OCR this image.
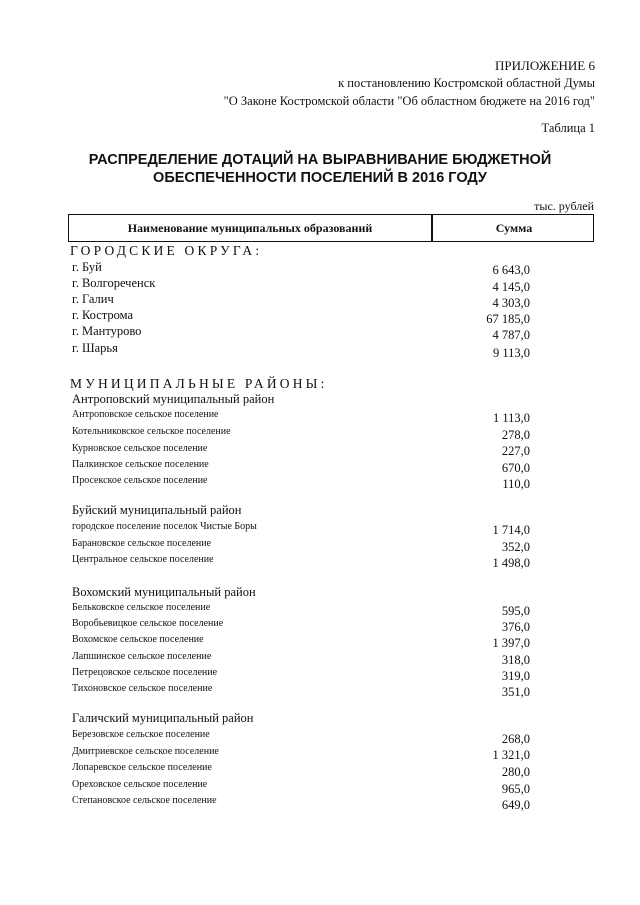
ПРИЛОЖЕНИЕ 6
к постановлению Костромской областной Думы
"О Законе Костромской области "Об областном бюджете на 2016 год"
Таблица 1
РАСПРЕДЕЛЕНИЕ ДОТАЦИЙ НА ВЫРАВНИВАНИЕ БЮДЖЕТНОЙ
ОБЕСПЕЧЕННОСТИ ПОСЕЛЕНИЙ В 2016 ГОДУ
тыс. рублей
Наименование муниципальных образований	Сумма
ГОРОДСКИЕ ОКРУГА:
г. Буй	6 643,0
г. Волгореченск	4 145,0
г. Галич	4 303,0
г. Кострома	67 185,0
г. Мантурово	4 787,0
г. Шарья	9 113,0
МУНИЦИПАЛЬНЫЕ РАЙОНЫ:
Антроповский муниципальный район
Антроповское сельское поселение	1 113,0
Котельниковское сельское поселение	278,0
Курновское сельское поселение	227,0
Палкинское сельское поселение	670,0
Просекское сельское поселение	110,0
Буйский муниципальный район
городское поселение поселок Чистые Боры	1 714,0
Барановское сельское поселение	352,0
Центральное сельское поселение	1 498,0
Вохомский муниципальный район
Бельковское сельское поселение	595,0
Воробьевицкое сельское поселение	376,0
Вохомское сельское поселение	1 397,0
Лапшинское сельское поселение	318,0
Петрецовское сельское поселение	319,0
Тихоновское сельское поселение	351,0
Галичский муниципальный район
Березовское сельское поселение	268,0
Дмитриевское сельское поселение	1 321,0
Лопаревское сельское поселение	280,0
Ореховское сельское поселение	965,0
Степановское сельское поселение	649,0
